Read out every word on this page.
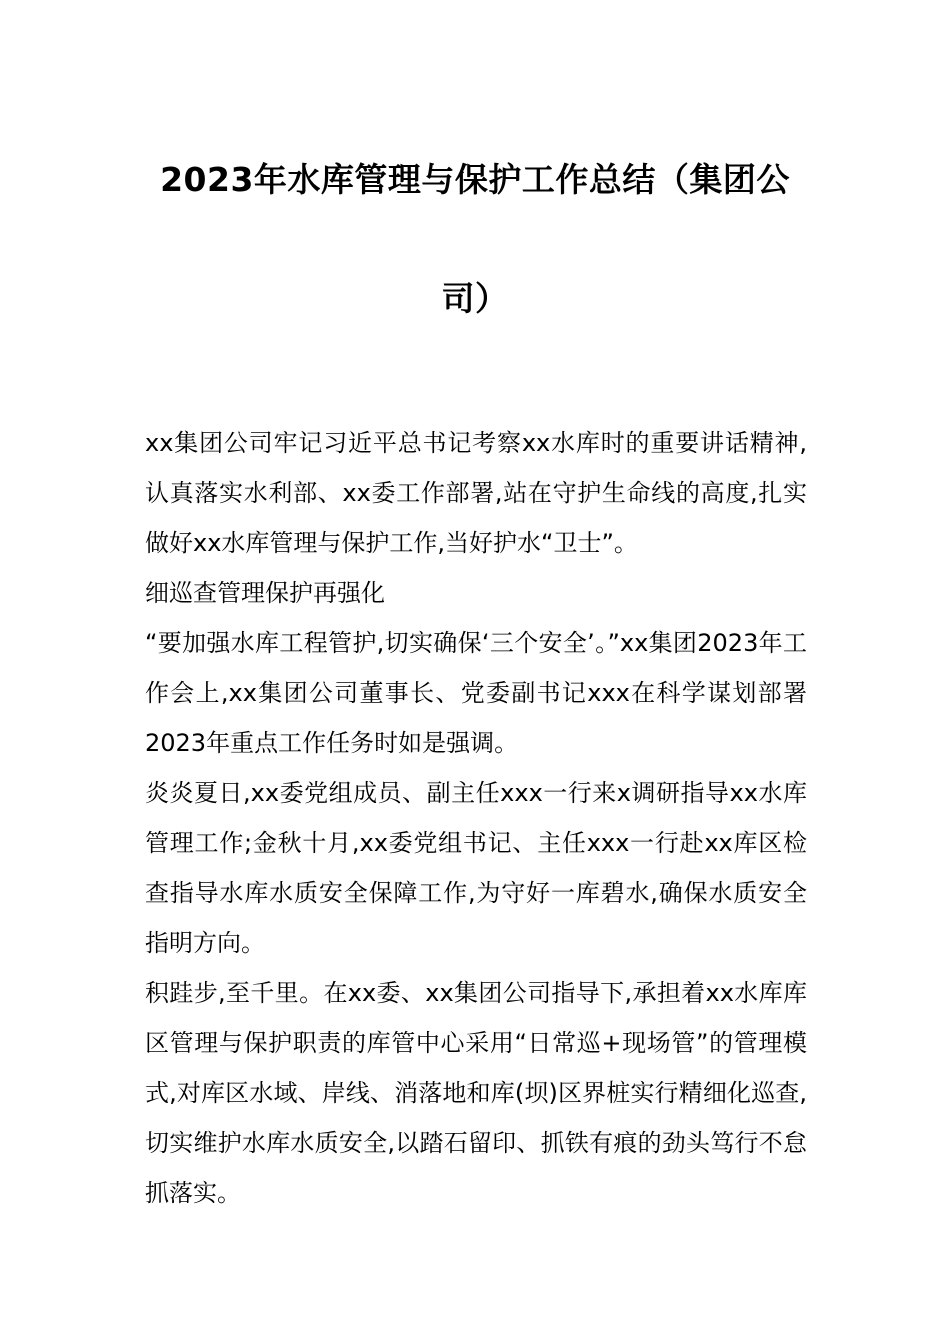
2023年水库管理与保护工作总结（集团公
司）

xx集团公司牢记习近平总书记考察xx水库时的重要讲话精神,认真落实水利部、xx委工作部署,站在守护生命线的高度,扎实做好xx水库管理与保护工作,当好护水“卫士”。

细巡查管理保护再强化

“要加强水库工程管护,切实确保‘三个安全’。”xx集团2023年工作会上,xx集团公司董事长、党委副书记xxx在科学谋划部署2023年重点工作任务时如是强调。

炎炎夏日,xx委党组成员、副主任xxx一行来x调研指导xx水库管理工作;金秋十月,xx委党组书记、主任xxx一行赴xx库区检查指导水库水质安全保障工作,为守好一库碧水,确保水质安全指明方向。

积跬步,至千里。在xx委、xx集团公司指导下,承担着xx水库库区管理与保护职责的库管中心采用“日常巡+现场管”的管理模式,对库区水域、岸线、消落地和库(坝)区界桩实行精细化巡查,切实维护水库水质安全,以踏石留印、抓铁有痕的劲头笃行不怠抓落实。
